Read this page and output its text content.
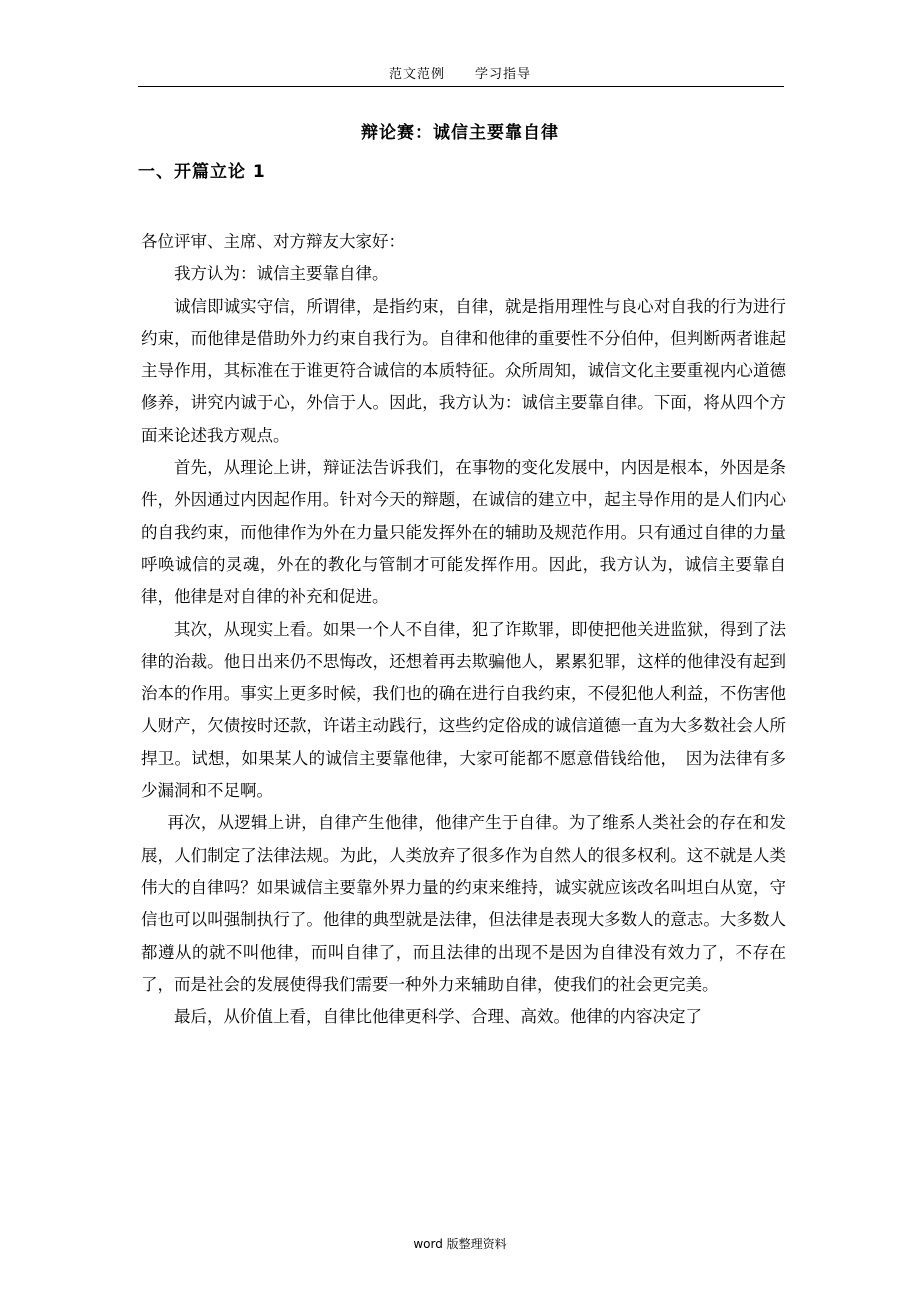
范文范例 学习指导
辩论赛：诚信主要靠自律
一、开篇立论 1

各位评审、主席、对方辩友大家好：

我方认为：诚信主要靠自律。

诚信即诚实守信，所谓律，是指约束，自律，就是指用理性与良心对自我的行为进行约束，而他律是借助外力约束自我行为。自律和他律的重要性不分伯仲，但判断两者谁起主导作用，其标准在于谁更符合诚信的本质特征。众所周知，诚信文化主要重视内心道德修养，讲究内诚于心，外信于人。因此，我方认为：诚信主要靠自律。下面，将从四个方面来论述我方观点。

首先，从理论上讲，辩证法告诉我们，在事物的变化发展中，内因是根本，外因是条件，外因通过内因起作用。针对今天的辩题，在诚信的建立中，起主导作用的是人们内心的自我约束，而他律作为外在力量只能发挥外在的辅助及规范作用。只有通过自律的力量呼唤诚信的灵魂，外在的教化与管制才可能发挥作用。因此，我方认为，诚信主要靠自律，他律是对自律的补充和促进。

其次，从现实上看。如果一个人不自律，犯了诈欺罪，即使把他关进监狱，得到了法律的治裁。他日出来仍不思悔改，还想着再去欺骗他人，累累犯罪，这样的他律没有起到治本的作用。事实上更多时候，我们也的确在进行自我约束，不侵犯他人利益，不伤害他人财产，欠债按时还款，许诺主动践行，这些约定俗成的诚信道德一直为大多数社会人所捍卫。试想，如果某人的诚信主要靠他律，大家可能都不愿意借钱给他，　因为法律有多少漏洞和不足啊。

再次，从逻辑上讲，自律产生他律，他律产生于自律。为了维系人类社会的存在和发展，人们制定了法律法规。为此，人类放弃了很多作为自然人的很多权利。这不就是人类伟大的自律吗？如果诚信主要靠外界力量的约束来维持，诚实就应该改名叫坦白从宽，守信也可以叫强制执行了。他律的典型就是法律，但法律是表现大多数人的意志。大多数人都遵从的就不叫他律，而叫自律了，而且法律的出现不是因为自律没有效力了，不存在了，而是社会的发展使得我们需要一种外力来辅助自律，使我们的社会更完美。

最后，从价值上看，自律比他律更科学、合理、高效。他律的内容决定了

word 版整理资料
